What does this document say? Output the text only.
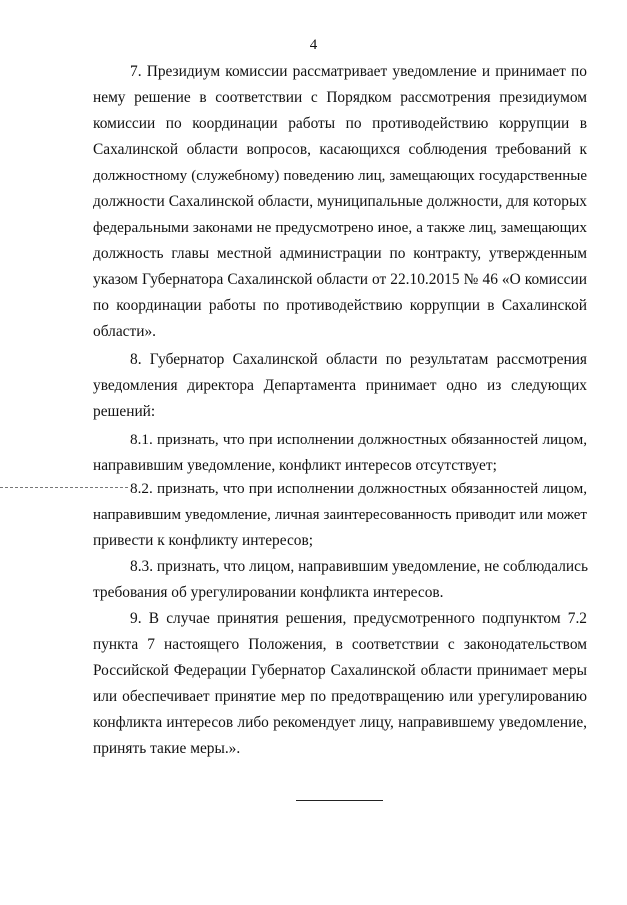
4
7. Президиум комиссии рассматривает уведомление и принимает по
нему решение в соответствии с Порядком рассмотрения президиумом
комиссии по координации работы по противодействию коррупции в
Сахалинской области вопросов, касающихся соблюдения требований к
должностному (служебному) поведению лиц, замещающих государственные
должности Сахалинской области, муниципальные должности, для которых
федеральными законами не предусмотрено иное, а также лиц, замещающих
должность главы местной администрации по контракту, утвержденным
указом Губернатора Сахалинской области от 22.10.2015 № 46 «О комиссии
по координации работы по противодействию коррупции в Сахалинской
области».
8. Губернатор Сахалинской области по результатам рассмотрения
уведомления директора Департамента принимает одно из следующих
решений:
8.1. признать, что при исполнении должностных обязанностей лицом,
направившим уведомление, конфликт интересов отсутствует;
8.2. признать, что при исполнении должностных обязанностей лицом,
направившим уведомление, личная заинтересованность приводит или может
привести к конфликту интересов;
8.3. признать, что лицом, направившим уведомление, не соблюдались
требования об урегулировании конфликта интересов.
9. В случае принятия решения, предусмотренного подпунктом 7.2
пункта 7 настоящего Положения, в соответствии с законодательством
Российской Федерации Губернатор Сахалинской области принимает меры
или обеспечивает принятие мер по предотвращению или урегулированию
конфликта интересов либо рекомендует лицу, направившему уведомление,
принять такие меры.».
